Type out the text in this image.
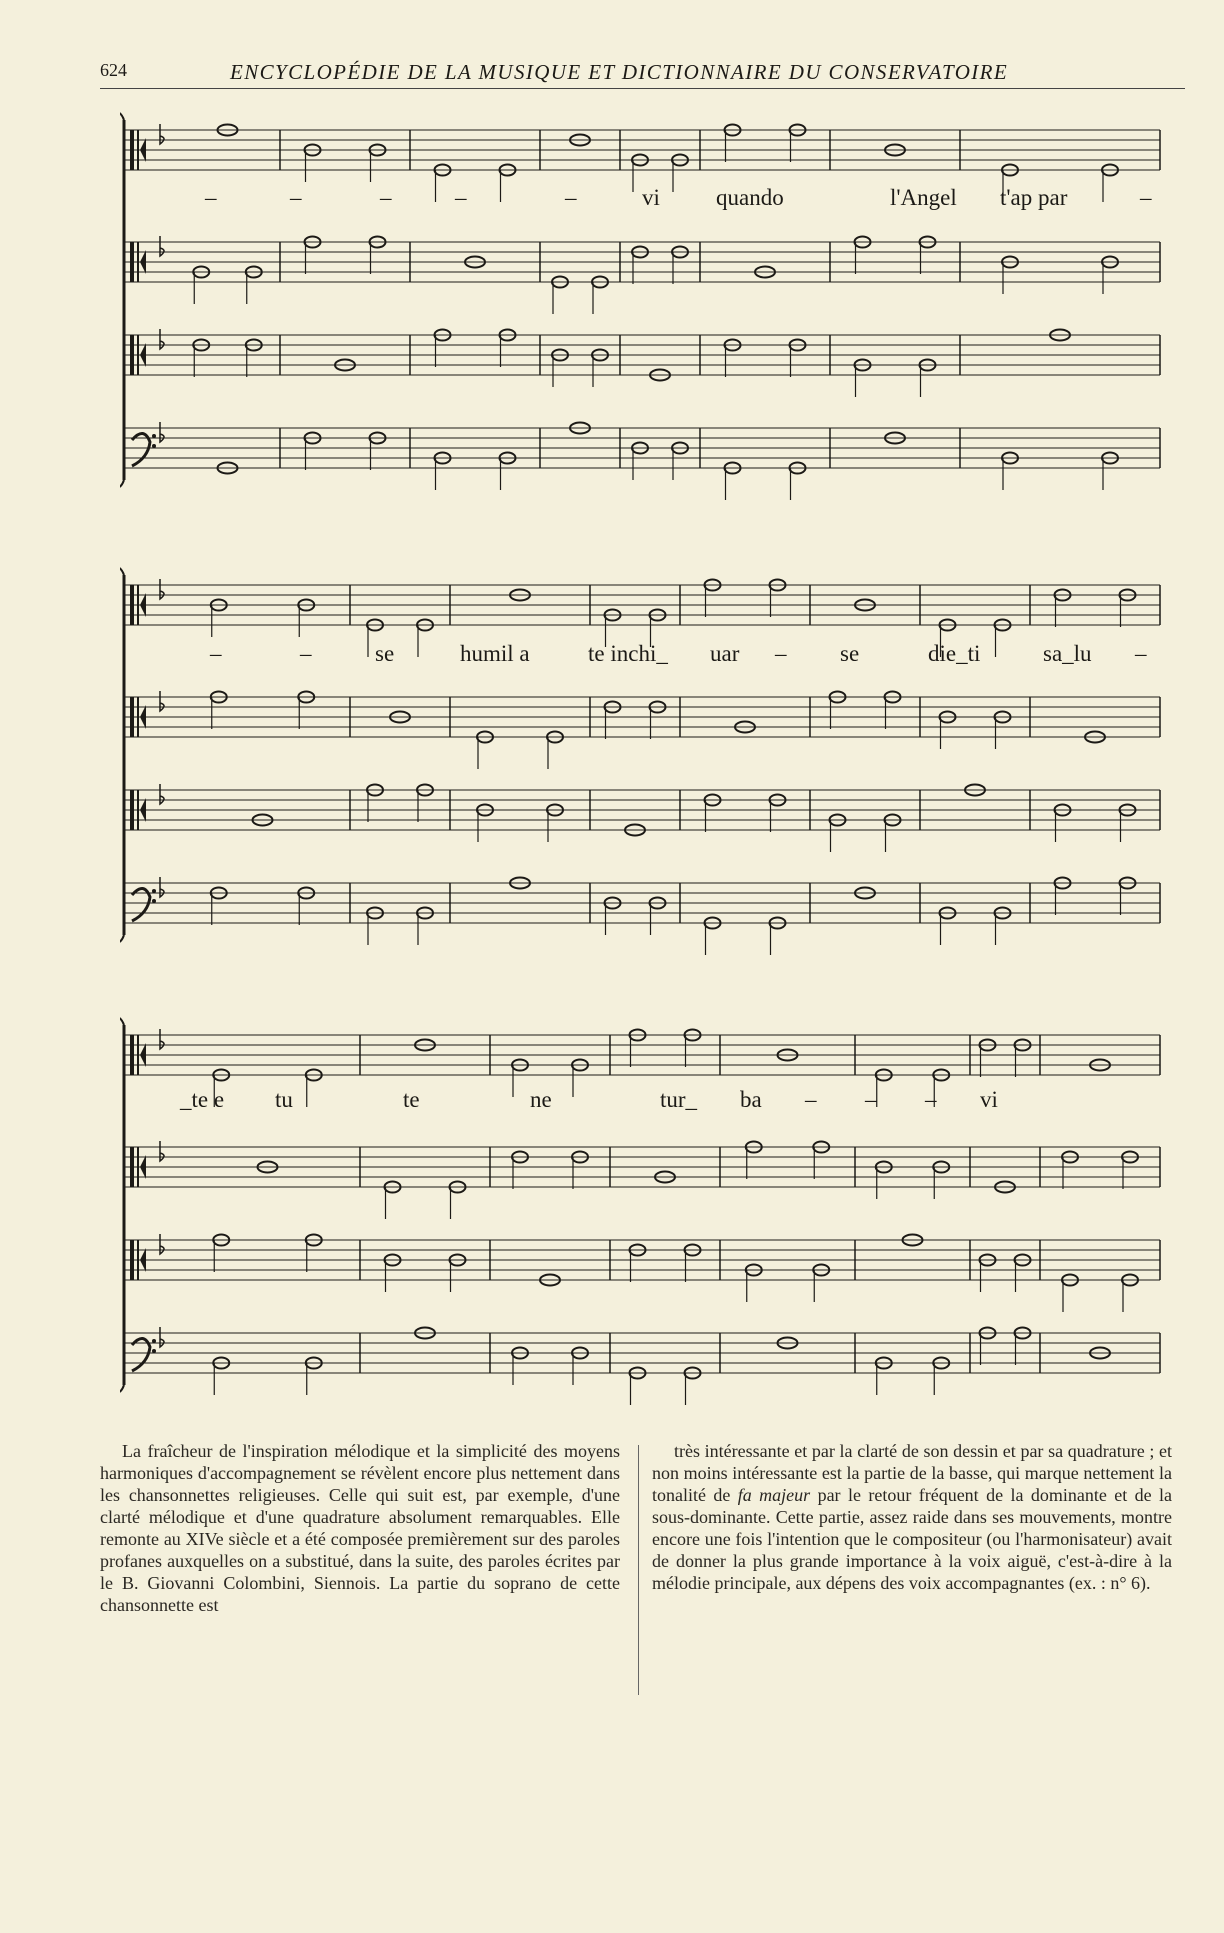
624	ENCYCLOPÉDIE DE LA MUSIQUE ET DICTIONNAIRE DU CONSERVATOIRE
–	–	–	–	–	vi quando	l'Angel t'ap par	–
–	–	se	humil a	te inchi_ uar – se	die_ti	sa_lu –
_te e tu	te	ne	tur_ ba – – – vi

La fraîcheur de l'inspiration mélodique et la simplicité des moyens harmoniques d'accompagnement se révèlent encore plus nettement dans les chansonnettes religieuses. Celle qui suit est, par exemple, d'une clarté mélodique et d'une quadrature absolument remarquables. Elle remonte au XIVe siècle et a été composée premièrement sur des paroles profanes auxquelles on a substitué, dans la suite, des paroles écrites par le B. Giovanni Colombini, Siennois. La partie du soprano de cette chansonnette est

très intéressante et par la clarté de son dessin et par sa quadrature ; et non moins intéressante est la partie de la basse, qui marque nettement la tonalité de fa majeur par le retour fréquent de la dominante et de la sous-dominante. Cette partie, assez raide dans ses mouvements, montre encore une fois l'intention que le compositeur (ou l'harmonisateur) avait de donner la plus grande importance à la voix aiguë, c'est-à-dire à la mélodie principale, aux dépens des voix accompagnantes (ex. : n° 6).
